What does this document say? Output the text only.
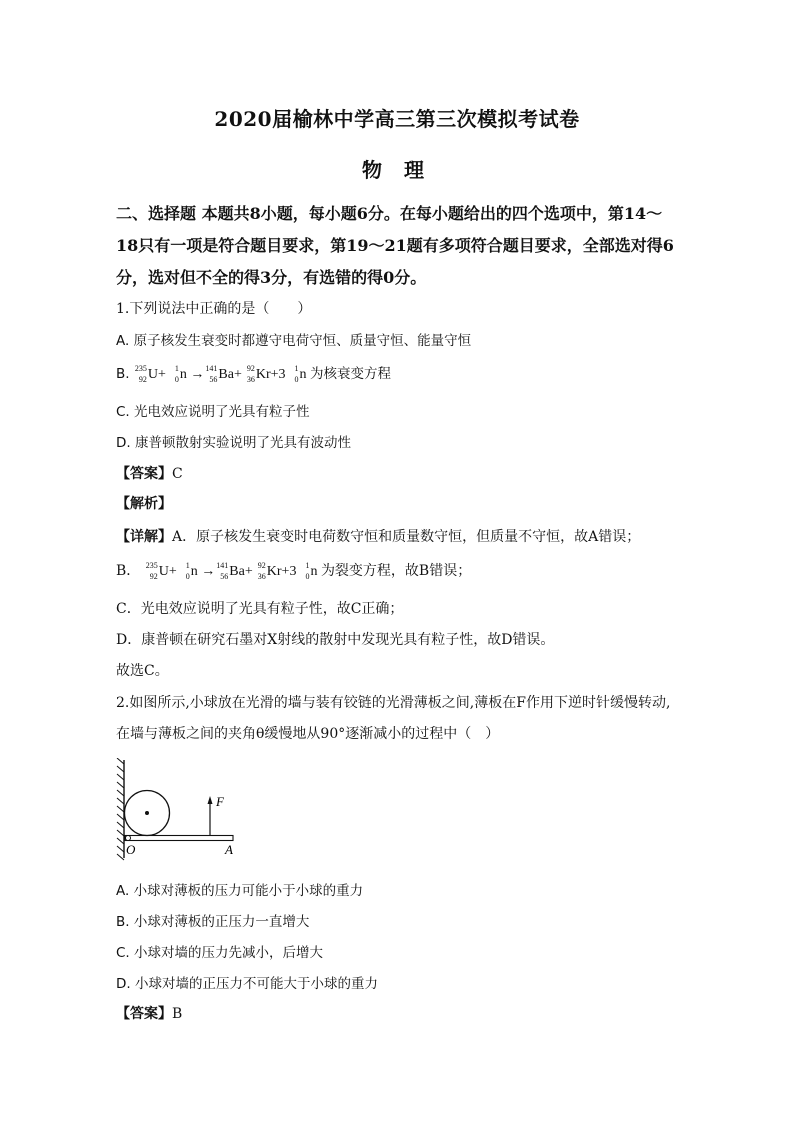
2020届榆林中学高三第三次模拟考试卷
物理
二、选择题 本题共8小题，每小题6分。在每小题给出的四个选项中，第14～18只有一项是符合题目要求，第19～21题有多项符合题目要求，全部选对得6分，选对但不全的得3分，有选错的得0分。
1.下列说法中正确的是（　　）
A. 原子核发生衰变时都遵守电荷守恒、质量守恒、能量守恒
B. 235
92 U+ 1
0 n → 141
56 Ba+ 92
36 Kr+3 1
0 n 为核衰变方程
C. 光电效应说明了光具有粒子性
D. 康普顿散射实验说明了光具有波动性
【答案】C
【解析】
【详解】A．原子核发生衰变时电荷数守恒和质量数守恒，但质量不守恒，故A错误；
B． 235
92 U+ 1
0 n → 141
56 Ba+ 92
36 Kr+3 1
0 n 为裂变方程，故B错误；
C．光电效应说明了光具有粒子性，故C正确；
D．康普顿在研究石墨对X射线的散射中发现光具有粒子性，故D错误。
故选C。
2.如图所示,小球放在光滑的墙与装有铰链的光滑薄板之间,薄板在F作用下逆时针缓慢转动,
在墙与薄板之间的夹角θ缓慢地从90°逐渐减小的过程中（　）
F
O	A
A. 小球对薄板的压力可能小于小球的重力
B. 小球对薄板的正压力一直增大
C. 小球对墙的压力先减小，后增大
D. 小球对墙的正压力不可能大于小球的重力
【答案】B
